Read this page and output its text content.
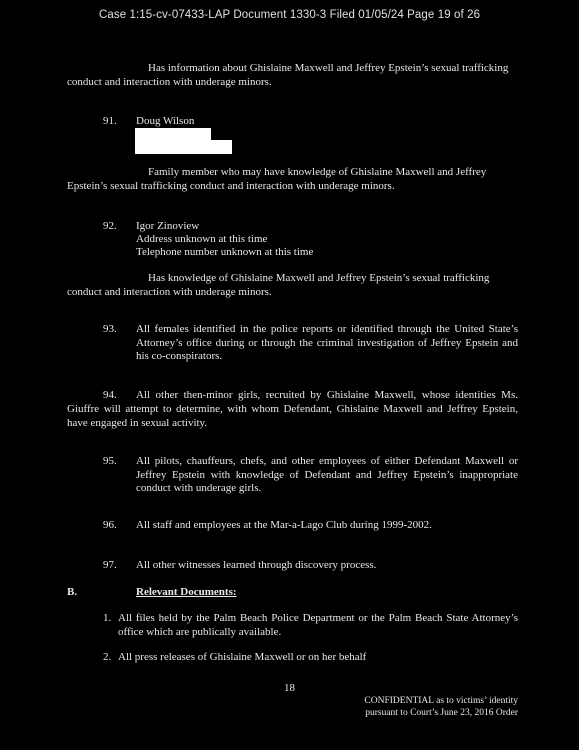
Case 1:15-cv-07433-LAP Document 1330-3 Filed 01/05/24 Page 19 of 26

Has information about Ghislaine Maxwell and Jeffrey Epstein’s sexual trafficking

conduct and interaction with underage minors.

91. Doug Wilson

Family member who may have knowledge of Ghislaine Maxwell and Jeffrey

Epstein’s sexual trafficking conduct and interaction with underage minors.

92. Igor Zinoview
Address unknown at this time
Telephone number unknown at this time

Has knowledge of Ghislaine Maxwell and Jeffrey Epstein’s sexual trafficking

conduct and interaction with underage minors.

93. All females identified in the police reports or identified through the United State’s Attorney’s office during or through the criminal investigation of Jeffrey Epstein and his co-conspirators.

94. All other then-minor girls, recruited by Ghislaine Maxwell, whose identities Ms.

Giuffre will attempt to determine, with whom Defendant, Ghislaine Maxwell and Jeffrey Epstein, have engaged in sexual activity.

95. All pilots, chauffeurs, chefs, and other employees of either Defendant Maxwell or Jeffrey Epstein with knowledge of Defendant and Jeffrey Epstein’s inappropriate conduct with underage girls.

96. All staff and employees at the Mar-a-Lago Club during 1999-2002.

97. All other witnesses learned through discovery process.

B.	Relevant Documents:
1. All files held by the Palm Beach Police Department or the Palm Beach State Attorney’s office which are publically available.

2. All press releases of Ghislaine Maxwell or on her behalf

18
CONFIDENTIAL as to victims’ identity
pursuant to Court’s June 23, 2016 Order
